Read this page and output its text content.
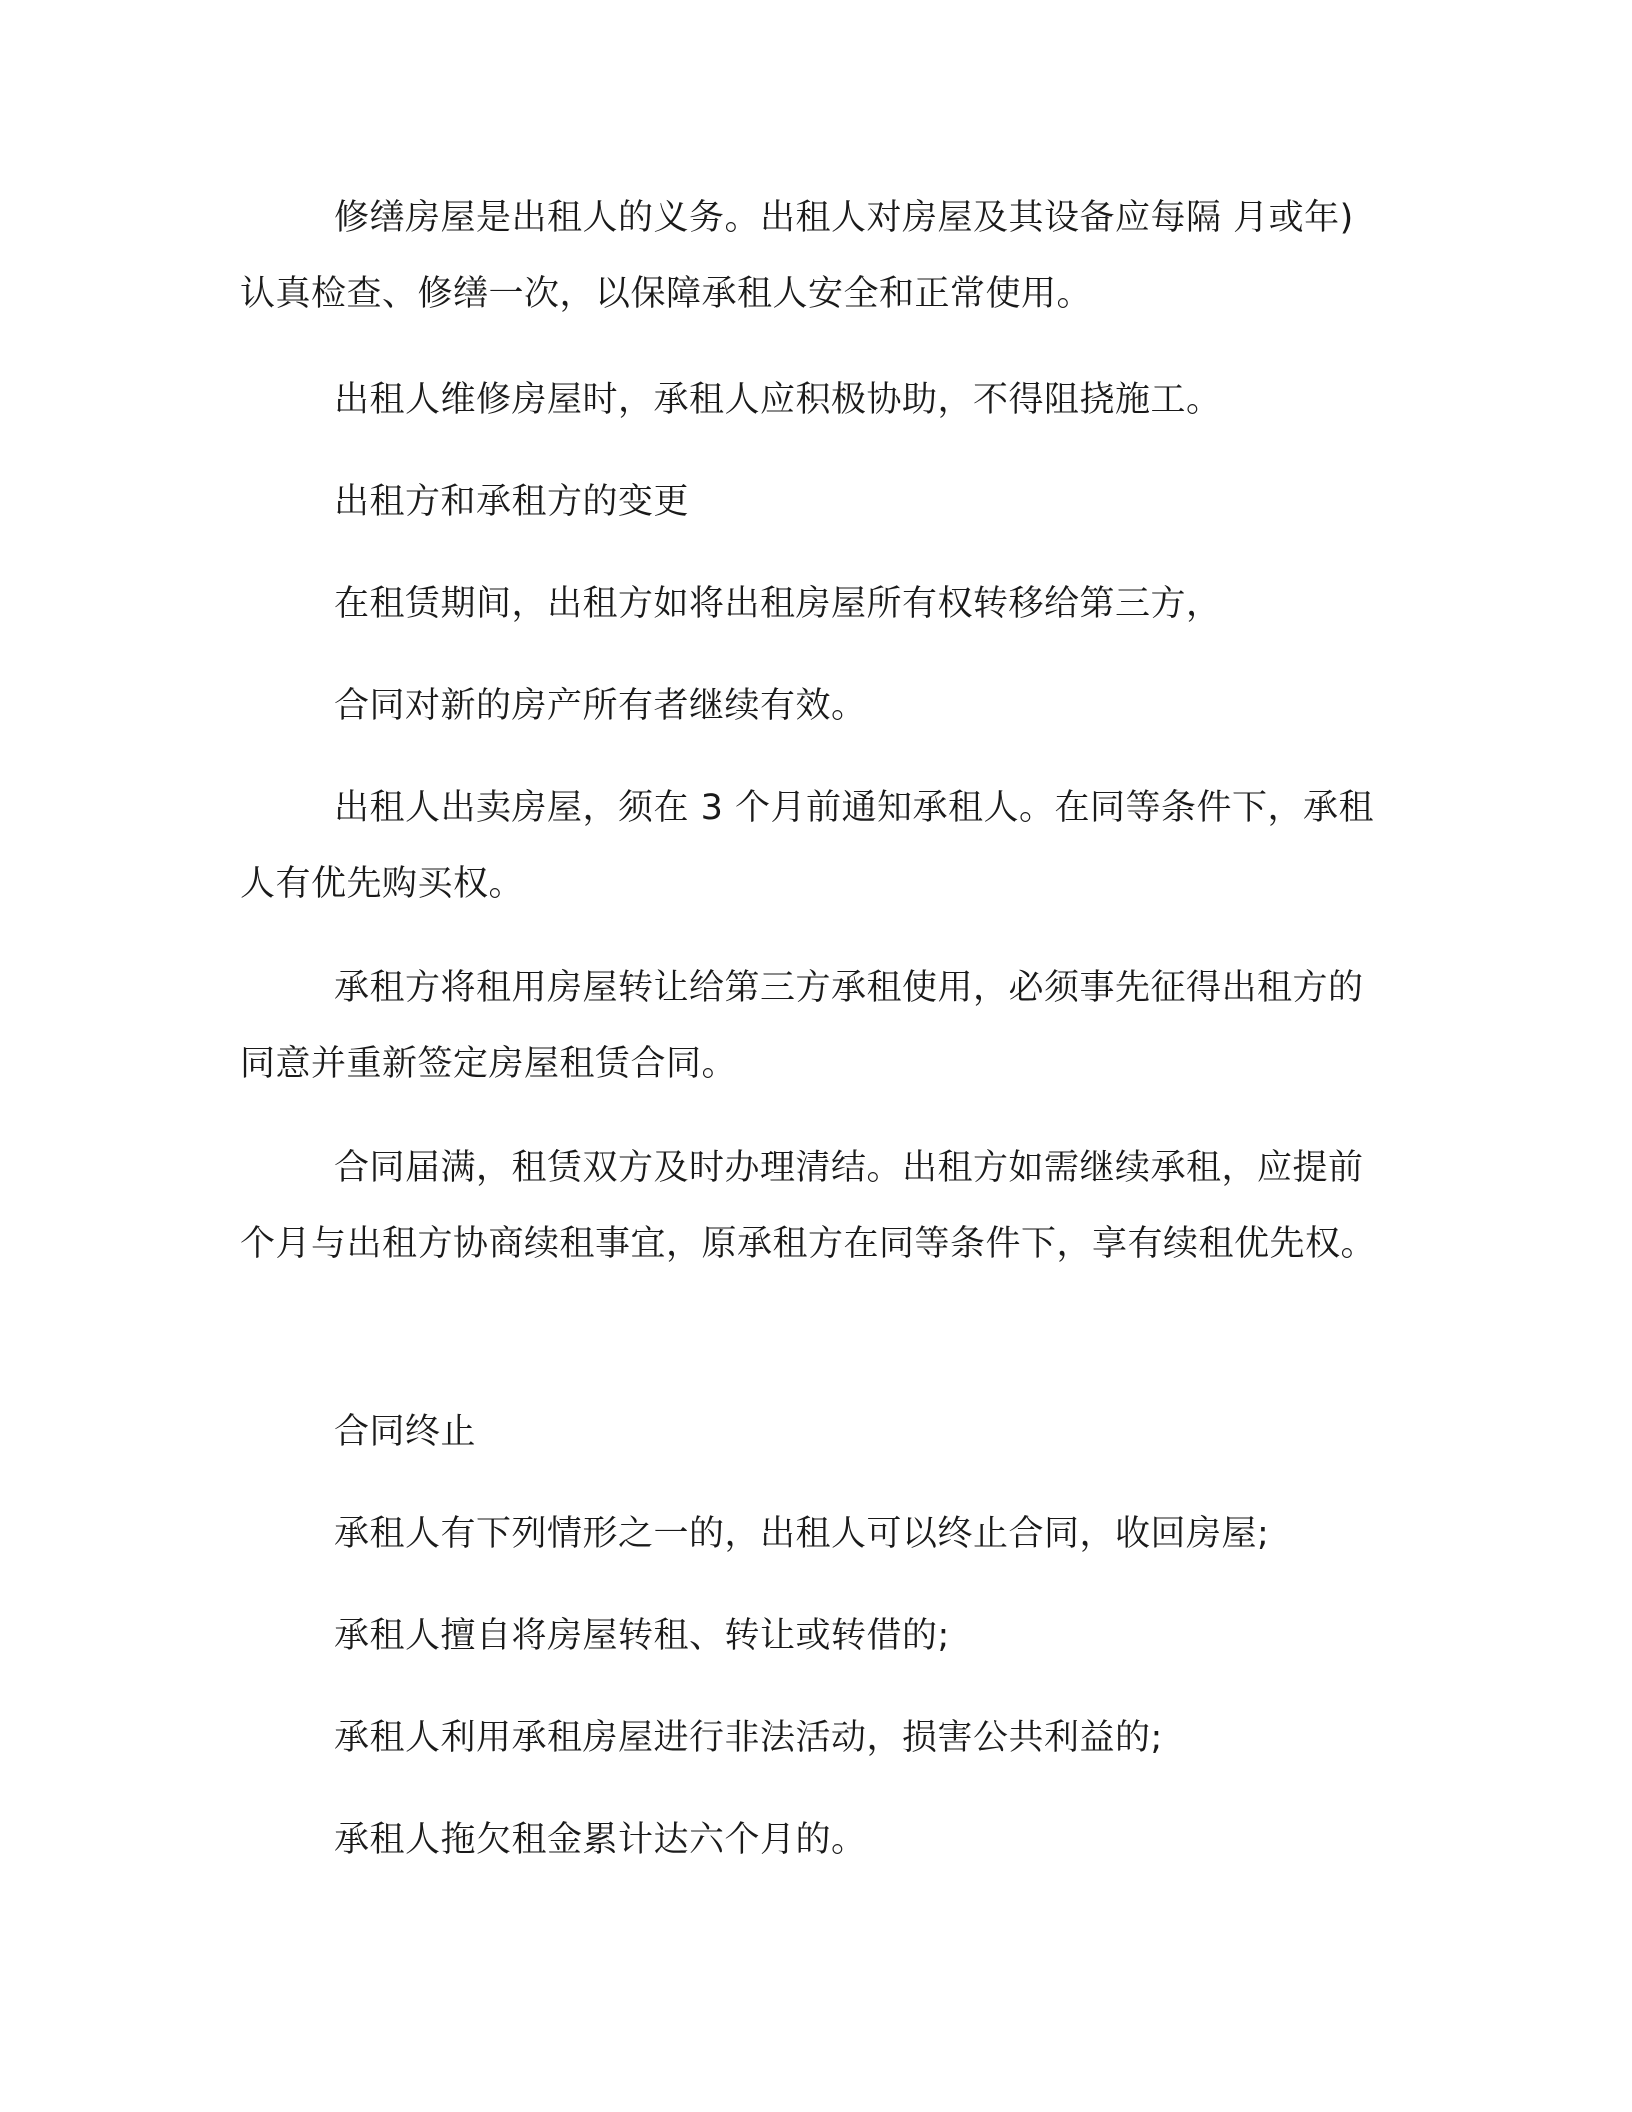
修缮房屋是出租人的义务。出租人对房屋及其设备应每隔 月或年)认真检查、修缮一次，以保障承租人安全和正常使用。

出租人维修房屋时，承租人应积极协助，不得阻挠施工。

出租方和承租方的变更

在租赁期间，出租方如将出租房屋所有权转移给第三方，

合同对新的房产所有者继续有效。

出租人出卖房屋，须在 3 个月前通知承租人。在同等条件下，承租人有优先购买权。

承租方将租用房屋转让给第三方承租使用，必须事先征得出租方的同意并重新签定房屋租赁合同。

合同届满，租赁双方及时办理清结。出租方如需继续承租，应提前 个月与出租方协商续租事宜，原承租方在同等条件下，享有续租优先权。

合同终止

承租人有下列情形之一的，出租人可以终止合同，收回房屋;

承租人擅自将房屋转租、转让或转借的;

承租人利用承租房屋进行非法活动，损害公共利益的;

承租人拖欠租金累计达六个月的。
